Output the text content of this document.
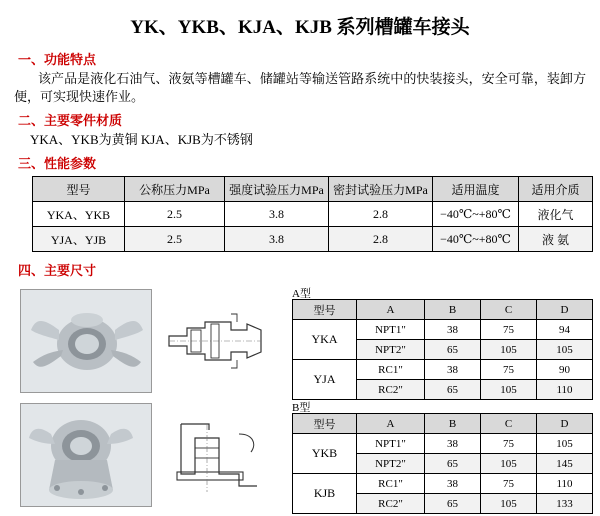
YK、YKB、KJA、KJB 系列槽罐车接头
一、功能特点
该产品是液化石油气、液氨等槽罐车、储罐站等输送管路系统中的快装接头，安全可靠，装卸方便，可实现快速作业。
二、主要零件材质
YKA、YKB为黄铜 KJA、KJB为不锈钢
三、性能参数
型号	公称压力MPa	强度试验压力MPa	密封试验压力MPa	适用温度	适用介质
YKA、YKB	2.5	3.8	2.8	−40℃~+80℃	液化气
YJA、YJB	2.5	3.8	2.8	−40℃~+80℃	液 氨
四、主要尺寸
A型
型号	A	B	C	D
YKA	NPT1"	38	75	94
	NPT2"	65	105	105
YJA	RC1"	38	75	90
	RC2"	65	105	110
B型
型号	A	B	C	D
YKB	NPT1"	38	75	105
	NPT2"	65	105	145
KJB	RC1"	38	75	110
	RC2"	65	105	133
